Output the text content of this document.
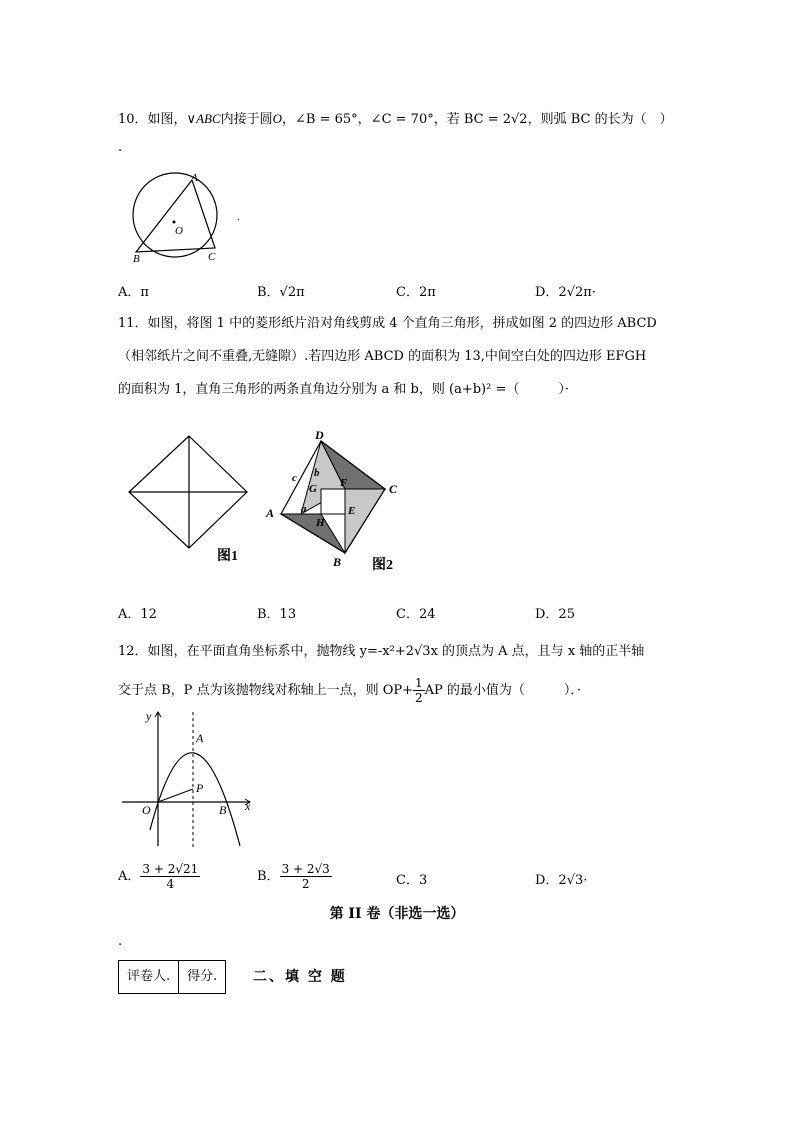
10．如图，∨ABC内接于圆O，∠B = 65°，∠C = 70°，若 BC = 2√2，则弧 BC 的长为（　）
.
A
O
B	C
.
A．π	B．√2π	C．2π	D．2√2π·
11．如图，将图 1 中的菱形纸片沿对角线剪成 4 个直角三角形，拼成如图 2 的四边形 ABCD
（相邻纸片之间不重叠,无缝隙）.若四边形 ABCD 的面积为 13,中间空白处的四边形 EFGH
的面积为 1，直角三角形的两条直角边分别为 a 和 b，则 (a+b)² =（　　　）·
图1
D
C
A
B
F
G
E
H
a
b
c
图2
A．12	B．13	C．24	D．25
12．如图，在平面直角坐标系中，抛物线 y=-x²+2√3x 的顶点为 A 点，且与 x 轴的正半轴
交于点 B，P 点为该抛物线对称轴上一点，则 $OP+ \frac{1}{2}$ AP 的最小值为（　　　）．·
y
x
O
A
P
B
A． $\frac{3 + 2√21}{4}$	B． $\frac{3 + 2√3}{2}$	C．3	D．2√3·
第 II 卷（非选一选）
.
评卷人.	得分.	二、填 空 题
